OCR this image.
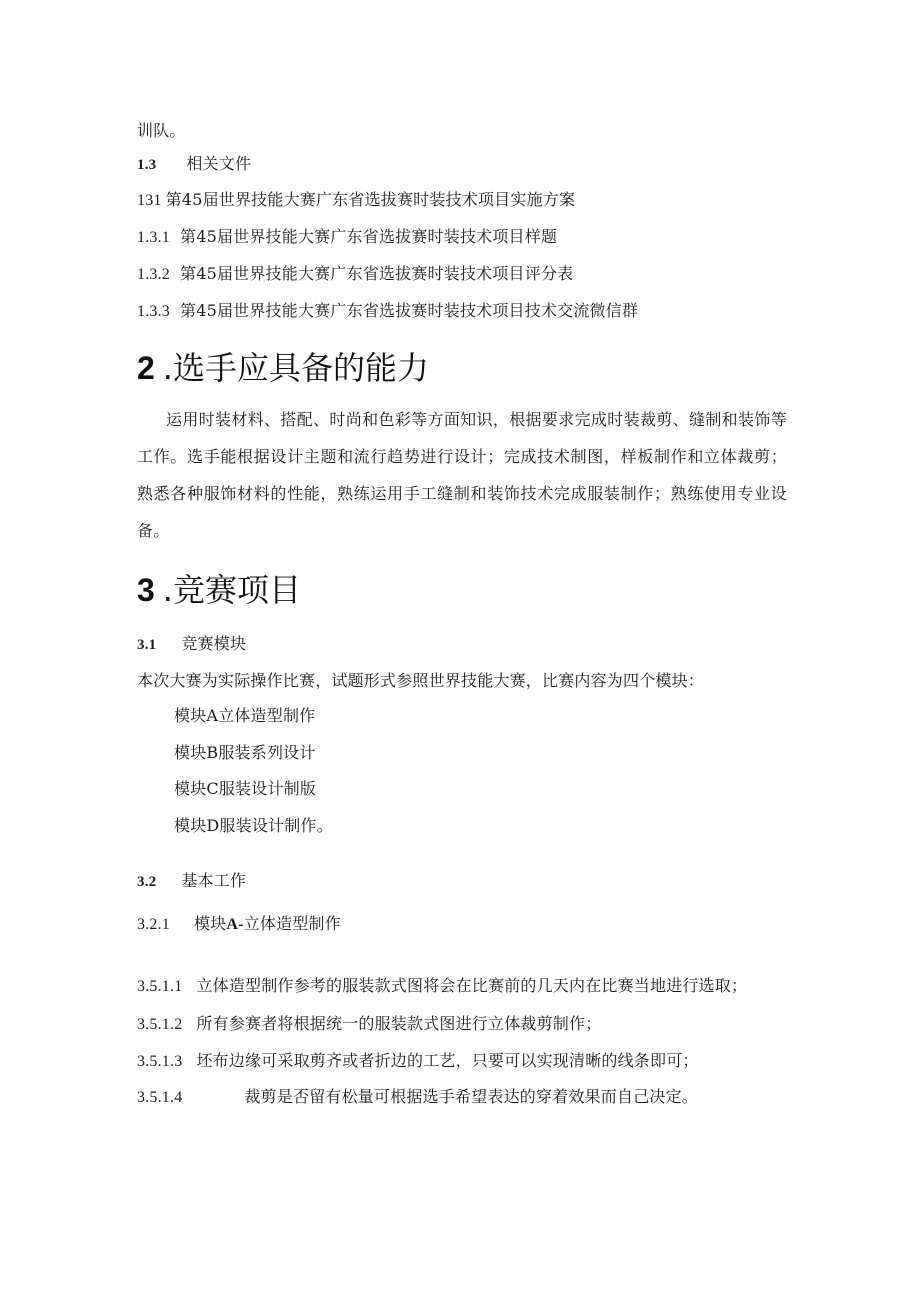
训队。
1.3 相关文件
131 第45届世界技能大赛广东省选拔赛时装技术项目实施方案
1.3.1 第45届世界技能大赛广东省选拔赛时装技术项目样题
1.3.2 第45届世界技能大赛广东省选拔赛时装技术项目评分表
1.3.3 第45届世界技能大赛广东省选拔赛时装技术项目技术交流微信群
2 .选手应具备的能力
运用时装材料、搭配、时尚和色彩等方面知识，根据要求完成时装裁剪、缝制和装饰等工作。选手能根据设计主题和流行趋势进行设计；完成技术制图，样板制作和立体裁剪；熟悉各种服饰材料的性能，熟练运用手工缝制和装饰技术完成服装制作；熟练使用专业设备。
3 .竞赛项目
3.1 竞赛模块
本次大赛为实际操作比赛，试题形式参照世界技能大赛，比赛内容为四个模块：
模块A立体造型制作
模块B服装系列设计
模块C服装设计制版
模块D服装设计制作。
3.2 基本工作
3.2.1 模块A-立体造型制作
3.5.1.1 立体造型制作参考的服装款式图将会在比赛前的几天内在比赛当地进行选取；
3.5.1.2 所有参赛者将根据统一的服装款式图进行立体裁剪制作；
3.5.1.3 坯布边缘可采取剪齐或者折边的工艺，只要可以实现清晰的线条即可；
3.5.1.4	裁剪是否留有松量可根据选手希望表达的穿着效果而自己决定。
